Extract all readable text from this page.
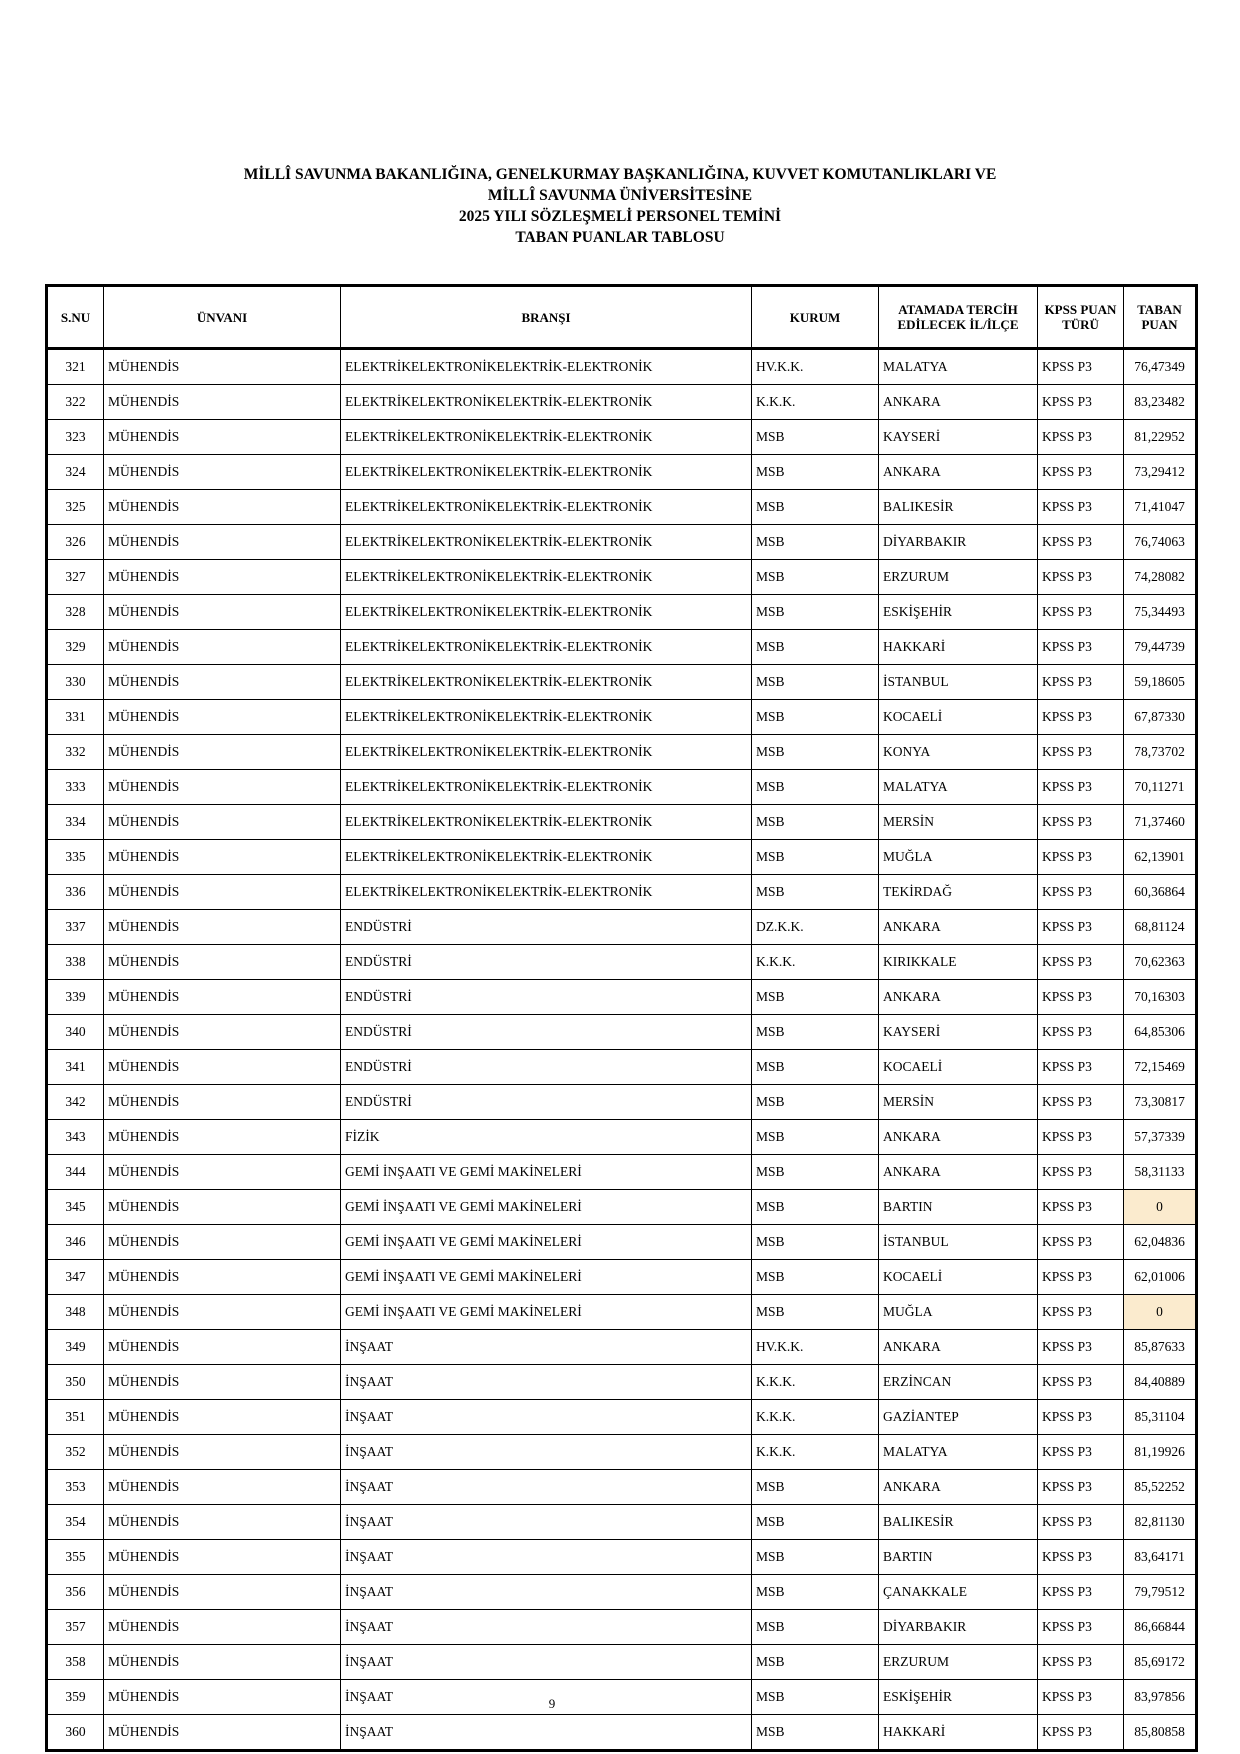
MİLLÎ SAVUNMA BAKANLIĞINA, GENELKURMAY BAŞKANLIĞINA, KUVVET KOMUTANLIKLARI VE
MİLLÎ SAVUNMA ÜNİVERSİTESİNE
2025 YILI SÖZLEŞMELİ PERSONEL TEMİNİ
TABAN PUANLAR TABLOSU
S.NU	ÜNVANI	BRANŞI	KURUM	ATAMADA TERCİH EDİLECEK İL/İLÇE	KPSS PUAN TÜRÜ	TABAN PUAN
321	MÜHENDİS	ELEKTRİKELEKTRONİKELEKTRİK-ELEKTRONİK	HV.K.K.	MALATYA	KPSS P3	76,47349
322	MÜHENDİS	ELEKTRİKELEKTRONİKELEKTRİK-ELEKTRONİK	K.K.K.	ANKARA	KPSS P3	83,23482
323	MÜHENDİS	ELEKTRİKELEKTRONİKELEKTRİK-ELEKTRONİK	MSB	KAYSERİ	KPSS P3	81,22952
324	MÜHENDİS	ELEKTRİKELEKTRONİKELEKTRİK-ELEKTRONİK	MSB	ANKARA	KPSS P3	73,29412
325	MÜHENDİS	ELEKTRİKELEKTRONİKELEKTRİK-ELEKTRONİK	MSB	BALIKESİR	KPSS P3	71,41047
326	MÜHENDİS	ELEKTRİKELEKTRONİKELEKTRİK-ELEKTRONİK	MSB	DİYARBAKIR	KPSS P3	76,74063
327	MÜHENDİS	ELEKTRİKELEKTRONİKELEKTRİK-ELEKTRONİK	MSB	ERZURUM	KPSS P3	74,28082
328	MÜHENDİS	ELEKTRİKELEKTRONİKELEKTRİK-ELEKTRONİK	MSB	ESKİŞEHİR	KPSS P3	75,34493
329	MÜHENDİS	ELEKTRİKELEKTRONİKELEKTRİK-ELEKTRONİK	MSB	HAKKARİ	KPSS P3	79,44739
330	MÜHENDİS	ELEKTRİKELEKTRONİKELEKTRİK-ELEKTRONİK	MSB	İSTANBUL	KPSS P3	59,18605
331	MÜHENDİS	ELEKTRİKELEKTRONİKELEKTRİK-ELEKTRONİK	MSB	KOCAELİ	KPSS P3	67,87330
332	MÜHENDİS	ELEKTRİKELEKTRONİKELEKTRİK-ELEKTRONİK	MSB	KONYA	KPSS P3	78,73702
333	MÜHENDİS	ELEKTRİKELEKTRONİKELEKTRİK-ELEKTRONİK	MSB	MALATYA	KPSS P3	70,11271
334	MÜHENDİS	ELEKTRİKELEKTRONİKELEKTRİK-ELEKTRONİK	MSB	MERSİN	KPSS P3	71,37460
335	MÜHENDİS	ELEKTRİKELEKTRONİKELEKTRİK-ELEKTRONİK	MSB	MUĞLA	KPSS P3	62,13901
336	MÜHENDİS	ELEKTRİKELEKTRONİKELEKTRİK-ELEKTRONİK	MSB	TEKİRDAĞ	KPSS P3	60,36864
337	MÜHENDİS	ENDÜSTRİ	DZ.K.K.	ANKARA	KPSS P3	68,81124
338	MÜHENDİS	ENDÜSTRİ	K.K.K.	KIRIKKALE	KPSS P3	70,62363
339	MÜHENDİS	ENDÜSTRİ	MSB	ANKARA	KPSS P3	70,16303
340	MÜHENDİS	ENDÜSTRİ	MSB	KAYSERİ	KPSS P3	64,85306
341	MÜHENDİS	ENDÜSTRİ	MSB	KOCAELİ	KPSS P3	72,15469
342	MÜHENDİS	ENDÜSTRİ	MSB	MERSİN	KPSS P3	73,30817
343	MÜHENDİS	FİZİK	MSB	ANKARA	KPSS P3	57,37339
344	MÜHENDİS	GEMİ İNŞAATI VE GEMİ MAKİNELERİ	MSB	ANKARA	KPSS P3	58,31133
345	MÜHENDİS	GEMİ İNŞAATI VE GEMİ MAKİNELERİ	MSB	BARTIN	KPSS P3	0
346	MÜHENDİS	GEMİ İNŞAATI VE GEMİ MAKİNELERİ	MSB	İSTANBUL	KPSS P3	62,04836
347	MÜHENDİS	GEMİ İNŞAATI VE GEMİ MAKİNELERİ	MSB	KOCAELİ	KPSS P3	62,01006
348	MÜHENDİS	GEMİ İNŞAATI VE GEMİ MAKİNELERİ	MSB	MUĞLA	KPSS P3	0
349	MÜHENDİS	İNŞAAT	HV.K.K.	ANKARA	KPSS P3	85,87633
350	MÜHENDİS	İNŞAAT	K.K.K.	ERZİNCAN	KPSS P3	84,40889
351	MÜHENDİS	İNŞAAT	K.K.K.	GAZİANTEP	KPSS P3	85,31104
352	MÜHENDİS	İNŞAAT	K.K.K.	MALATYA	KPSS P3	81,19926
353	MÜHENDİS	İNŞAAT	MSB	ANKARA	KPSS P3	85,52252
354	MÜHENDİS	İNŞAAT	MSB	BALIKESİR	KPSS P3	82,81130
355	MÜHENDİS	İNŞAAT	MSB	BARTIN	KPSS P3	83,64171
356	MÜHENDİS	İNŞAAT	MSB	ÇANAKKALE	KPSS P3	79,79512
357	MÜHENDİS	İNŞAAT	MSB	DİYARBAKIR	KPSS P3	86,66844
358	MÜHENDİS	İNŞAAT	MSB	ERZURUM	KPSS P3	85,69172
359	MÜHENDİS	İNŞAAT	MSB	ESKİŞEHİR	KPSS P3	83,97856
360	MÜHENDİS	İNŞAAT	MSB	HAKKARİ	KPSS P3	85,80858
9
